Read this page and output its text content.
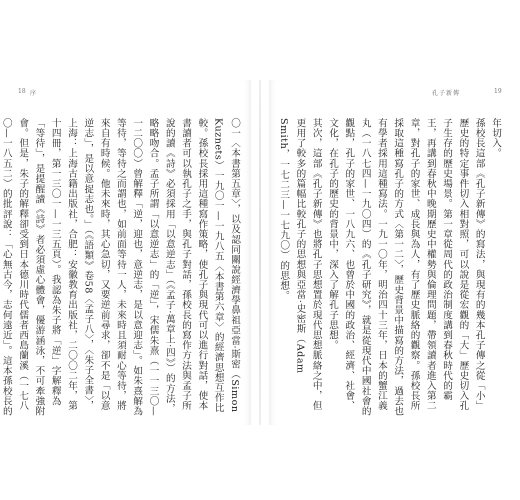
序
18	孔子新傳	19

〇一〈本書第五章〉，以及認同關說經濟學鼻祖亞當·斯密（Simon Kuznets）一九〇一—一九八五〈本書第六章〉的經濟思想互作比較。孫校長採用這種寫作策略，使孔子與現代可以進行對話，使本書讀者可以執孔子之手，與孔子對話，孫校長的寫作方法與孟子所說的讀《詩》必須採用「以意逆志」（《孟子‧萬章上‧四》）的方法，略略吻合。孟子所謂「以意逆志」的「逆」，宋儒朱熹（一一三〇—一二〇〇）曾解釋「逆，迎也，意逆志，是以意迎志」。如朱熹解為等待，等待之而謂也，如前面等待一人，未來時且須耐心等待，將來自有時候。他未來時，其心急切，又要逆前尋求，卻不是「以意逆志」，是以意捉志也。」（《語類》卷58〈孟子八〉，〈朱子全書〉，上海：上海古籍出版社，合肥：安徽教育出版社，二〇〇二年，第十四冊，第一三〇一—一三五頁）。我認為朱子將「逆」字解釋為「等待」，是提醒讀《詩》者必須虛心體會，優游涵泳，不可牽強附會。但是，朱子的解釋卻受到日本德川時代儒者西島蘭溪（一七八〇—一八五二）的批評說：「心無古今，志何遠近」。這本孫校長的

年切入。

孫校長這部《孔子新傳》的寫法，與現有的幾本孔子傳之從「小」歷史的特定事件切入相對照，可以說是從宏觀的「大」歷史切入孔子生存的歷史場景。第一章從周代的政治制度講到春秋時代的霸王，再講到春秋中晚期歷史中權勢與倫理問題，帶領讀者進入第二章，對孔子的家世、成長與為人，有了歷史脈絡的觀察。孫校長所採取這種寫孔子的方式〈第一二〉，歷史背景中描寫的方法，過去也有學者採用這種寫法。一九一〇年，明治四十三年，日本的蟹江義丸（一八七四—一九〇四）的《孔子研究》，就是從現代中國社會的觀點，孔子的家世、一八九六、也曾於中國的政治、經濟、社會、文化，在孔子的歷史的背景中，深入了解孔子思想。

其次，這部《孔子新傳》也將孔子思想置於現代思想脈絡之中，但更用了較多的篇幅比較孔子的思想與亞當·史密斯（Adam Smith，一七二三—一七九〇）的思想。
